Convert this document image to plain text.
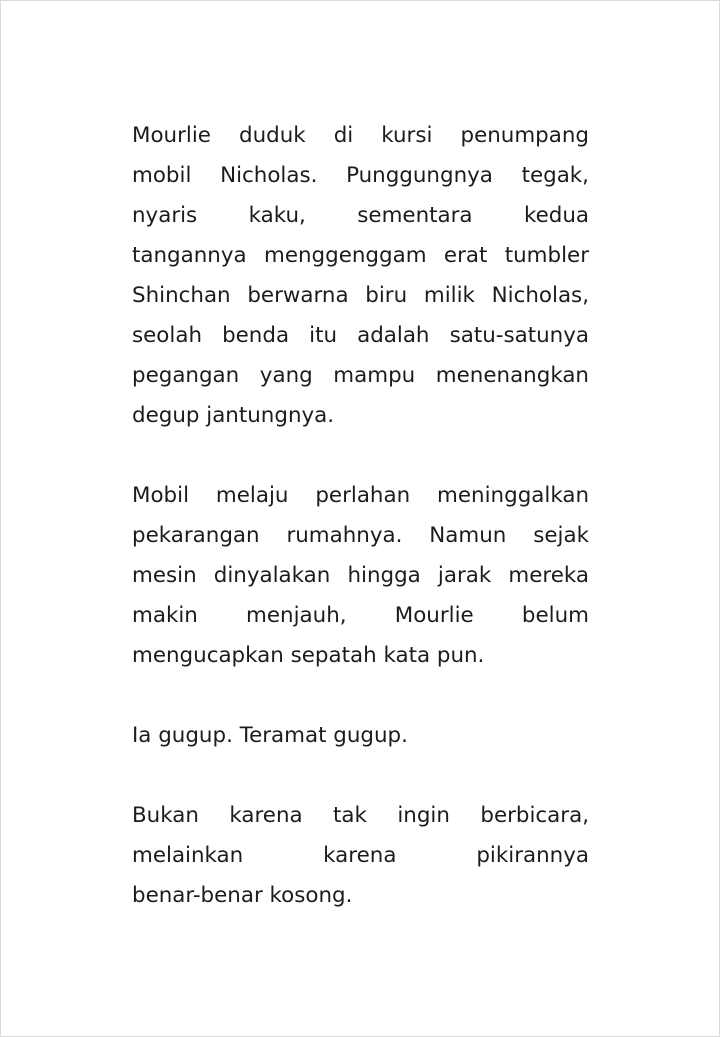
Mourlie duduk di kursi penumpang
mobil Nicholas. Punggungnya tegak,
nyaris kaku, sementara kedua
tangannya menggenggam erat tumbler
Shinchan berwarna biru milik Nicholas,
seolah benda itu adalah satu-satunya
pegangan yang mampu menenangkan
degup jantungnya.
Mobil melaju perlahan meninggalkan
pekarangan rumahnya. Namun sejak
mesin dinyalakan hingga jarak mereka
makin menjauh, Mourlie belum
mengucapkan sepatah kata pun.
Ia gugup. Teramat gugup.
Bukan karena tak ingin berbicara,
melainkan karena pikirannya
benar-benar kosong.
